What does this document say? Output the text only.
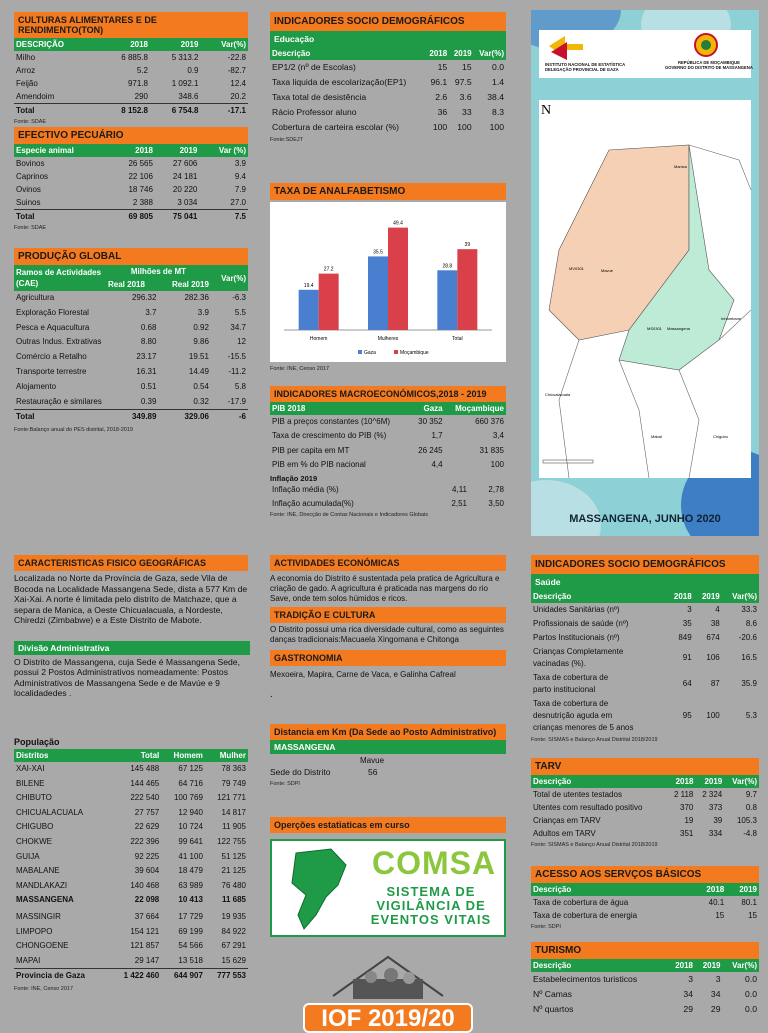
CULTURAS ALIMENTARES E DE RENDIMENTO(TON)
DESCRIÇÃO	2018	2019	Var(%)
Milho	6 885.8	5 313.2	-22.8
Arroz	5.2	0.9	-82.7
Feijão	971.8	1 092.1	12.4
Amendoim	290	348.6	20.2
Total	8 152.8	6 754.8	-17.1
Fonte: SDAE
EFECTIVO PECUÁRIO
Especie animal	2018	2019	Var (%)
Bovinos	26 565	27 606	3.9
Caprinos	22 106	24 181	9.4
Ovinos	18 746	20 220	7.9
Suinos	2 388	3 034	27.0
Total	69 805	75 041	7.5
Fonte: SDAE
PRODUÇÃO GLOBAL
Ramos de Actividades (CAE)	Milhões de MT		Var(%)
	Real 2018	Real 2019	
Agricultura	296.32	282.36	-6.3
Exploração Florestal	3.7	3.9	5.5
Pesca e Aquacultura	0.68	0.92	34.7
Outras Indus. Extrativas	8.80	9.86	12
Comércio a Retalho	23.17	19.51	-15.5
Transporte terrestre	16.31	14.49	-11.2
Alojamento	0.51	0.54	5.8
Restauração e similares	0.39	0.32	-17.9
Total	349.89	329.06	-6
Fonte:Balanço anual do PES distrital, 2018-2019
INDICADORES SOCIO DEMOGRÁFICOS
Educação
Descrição	2018	2019	Var(%)
EP1/2 (nº de Escolas)	15	15	0.0
Taxa liquida de escolarização(EP1)	96.1	97.5	1.4
Taxa total de desistência	2.6	3.6	38.4
Rácio Professor aluno	36	33	8.3
Cobertura de carteira escolar (%)	100	100	100
Fonte:SDEJT
TAXA DE ANALFABETISMO
19.4
27.2
Homem
35.5
49.4
Mulheres
28.8
39
Total
Gaza	Moçambique
Fonte: INE, Censo 2017
INDICADORES MACROECONÓMICOS,2018 - 2019
PIB 2018	Gaza	Moçambique
PIB a preços constantes (10^6M)	30 352	660 376
Taxa de crescimento do PIB (%)	1,7	3,4

PIB per capita em MT	26 245	31 835
PIB em % do PIB nacional	4,4	100
Inflação 2019
Inflação média (%)	4,11	2,78
Inflação acumulada(%)	2,51	3,50
Fonte: INE, Direcção de Contas Nacionais e Indicadores Globais
INSTITUTO NACIONAL DE ESTATÍSTICA
DELEGAÇÃO PROVINCIAL DE GAZA
REPÚBLICA DE MOÇAMBIQUE
GOVERNO DO DISTRITO DE MASSANGENA
N
Manica
Mavue
MV0301
Massangena
MS0301
Inhambane
Chicualacuala
Mabal	Chigubo
MASSANGENA, JUNHO 2020
CARACTERISTICAS FISICO GEOGRÁFICAS
Localizada no Norte da Província de Gaza, sede Vila de Bocoda na Localidade Massangena Sede, dista a 577 Km de Xai-Xai. A norte é limitada pelo distrito de Matchaze, que a separa de Manica, a Oeste Chicualacuala, a Nordeste, Chiredzi (Zimbabwe) e a Este Distrito de Mabote.
Divisão Administrativa
O Distrito de Massangena, cuja Sede é Massangena Sede, possui 2 Postos Administrativos nomeadamente: Postos Administrativos de Massangena Sede e de Mavúe e 9 localidadedes .
População
Distritos	Total	Homem	Mulher
XAI-XAI	145 488	67 125	78 363
BILENE	144 465	64 716	79 749
CHIBUTO	222 540	100 769	121 771
CHICUALACUALA	27 757	12 940	14 817
CHIGUBO	22 629	10 724	11 905
CHOKWE	222 396	99 641	122 755
GUIJA	92 225	41 100	51 125
MABALANE	39 604	18 479	21 125
MANDLAKAZI	140 468	63 989	76 480
MASSANGENA	22 098	10 413	11 685

MASSINGIR	37 664	17 729	19 935
LIMPOPO	154 121	69 199	84 922
CHONGOENE	121 857	54 566	67 291
MAPAI	29 147	13 518	15 629
Provincia de Gaza	1 422 460	644 907	777 553
Fonte: INE, Censo 2017
ACTIVIDADES ECONÓMICAS
A economia do Distrito é sustentada pela pratica de Agricultura e criação de gado. A agricultura é praticada nas margens do rio Save, onde tem solos húmidos e ricos.
TRADIÇÃO E CULTURA
O Distrito possui uma rica diversidade cultural, como as seguintes danças tradicionais:Macuaela Xingomana e Chitonga
GASTRONOMIA
Mexoeira, Mapira, Carne de Vaca, e Galinha Cafreal
.
Distancia em Km (Da Sede ao Posto Administrativo)
MASSANGENA
Mavue
Sede do Distrito	56
Fonte: SDPI
Operções estatiaticas em curso
COMSA
SISTEMA DE
VIGILÂNCIA DE
EVENTOS VITAIS
IOF 2019/20
INDICADORES SOCIO DEMOGRÁFICOS
Saúde
Descrição	2018	2019	Var(%)
Unidades Sanitárias (nº)	3	4	33.3
Profissionais de saúde (nº)	35	38	8.6
Partos Institucionais (nº)	849	674	-20.6
Crianças Completamente
vacinadas (%).	91	106	16.5
Taxa de cobertura de
parto institucional	64	87	35.9
Taxa de cobertura de
desnutrição aguda em
crianças menores de 5 anos	95	100	5.3
Fonte: SISMAS e Balanço Anual Distrital 2018/2019
TARV
Descrição	2018	2019	Var(%)
Total de utentes testados	2 118	2 324	9.7
Utentes com resultado positivo	370	373	0.8
Crianças em TARV	19	39	105.3
Adultos em TARV	351	334	-4.8
Fonte: SISMAS e Balanço Anual Distrital 2018/2019
ACESSO AOS SERVÇOS BÁSICOS
Descrição	2018	2019
Taxa de cobertura de água	40.1	80.1
Taxa de cobertura de energia	15	15
Fonte: SDPI
TURISMO
Descrição	2018	2019	Var(%)
Estabelecimentos turisticos	3	3	0.0
Nº Camas	34	34	0.0
Nº quartos	29	29	0.0
